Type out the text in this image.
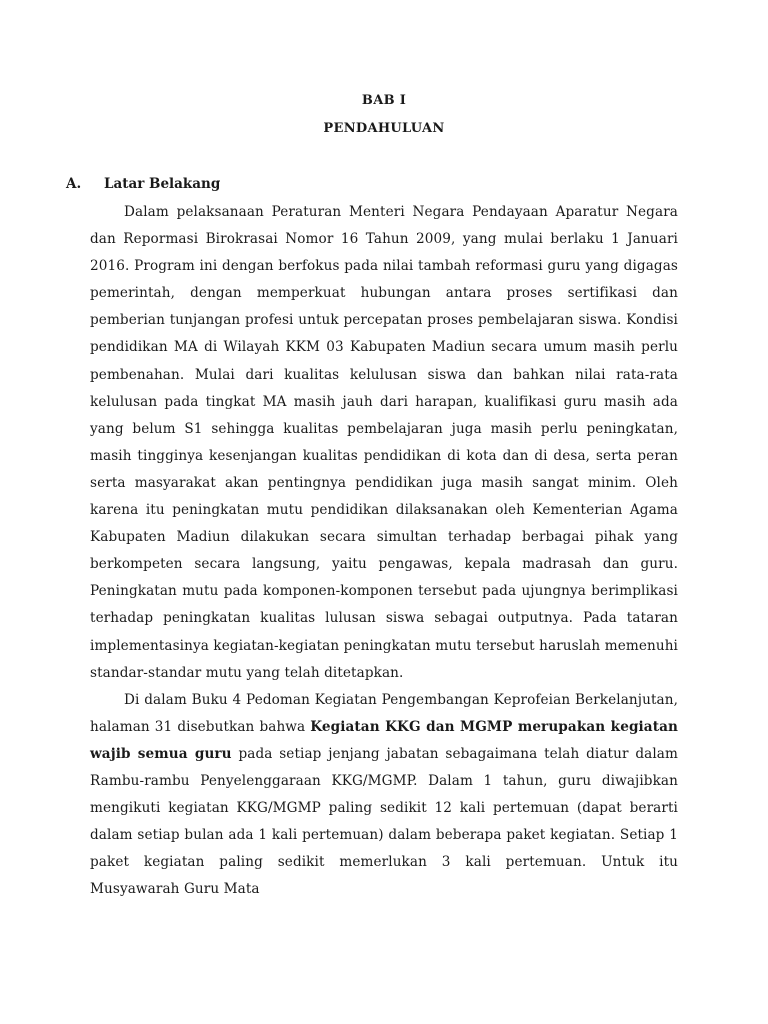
BAB I
PENDAHULUAN
A. Latar Belakang

Dalam pelaksanaan Peraturan Menteri Negara Pendayaan Aparatur Negara dan Repormasi Birokrasai Nomor 16 Tahun 2009, yang mulai berlaku 1 Januari 2016. Program ini dengan berfokus pada nilai tambah reformasi guru yang digagas pemerintah, dengan memperkuat hubungan antara proses sertifikasi dan pemberian tunjangan profesi untuk percepatan proses pembelajaran siswa. Kondisi pendidikan MA di Wilayah KKM 03 Kabupaten Madiun secara umum masih perlu pembenahan. Mulai dari kualitas kelulusan siswa dan bahkan nilai rata-rata kelulusan pada tingkat MA masih jauh dari harapan, kualifikasi guru masih ada yang belum S1 sehingga kualitas pembelajaran juga masih perlu peningkatan, masih tingginya kesenjangan kualitas pendidikan di kota dan di desa, serta peran serta masyarakat akan pentingnya pendidikan juga masih sangat minim. Oleh karena itu peningkatan mutu pendidikan dilaksanakan oleh Kementerian Agama Kabupaten Madiun dilakukan secara simultan terhadap berbagai pihak yang berkompeten secara langsung, yaitu pengawas, kepala madrasah dan guru. Peningkatan mutu pada komponen-komponen tersebut pada ujungnya berimplikasi terhadap peningkatan kualitas lulusan siswa sebagai outputnya. Pada tataran implementasinya kegiatan-kegiatan peningkatan mutu tersebut haruslah memenuhi standar-standar mutu yang telah ditetapkan.

Di dalam Buku 4 Pedoman Kegiatan Pengembangan Keprofeian Berkelanjutan, halaman 31 disebutkan bahwa Kegiatan KKG dan MGMP merupakan kegiatan wajib semua guru pada setiap jenjang jabatan sebagaimana telah diatur dalam Rambu-rambu Penyelenggaraan KKG/MGMP. Dalam 1 tahun, guru diwajibkan mengikuti kegiatan KKG/MGMP paling sedikit 12 kali pertemuan (dapat berarti dalam setiap bulan ada 1 kali pertemuan) dalam beberapa paket kegiatan. Setiap 1 paket kegiatan paling sedikit memerlukan 3 kali pertemuan. Untuk itu Musyawarah Guru Mata
